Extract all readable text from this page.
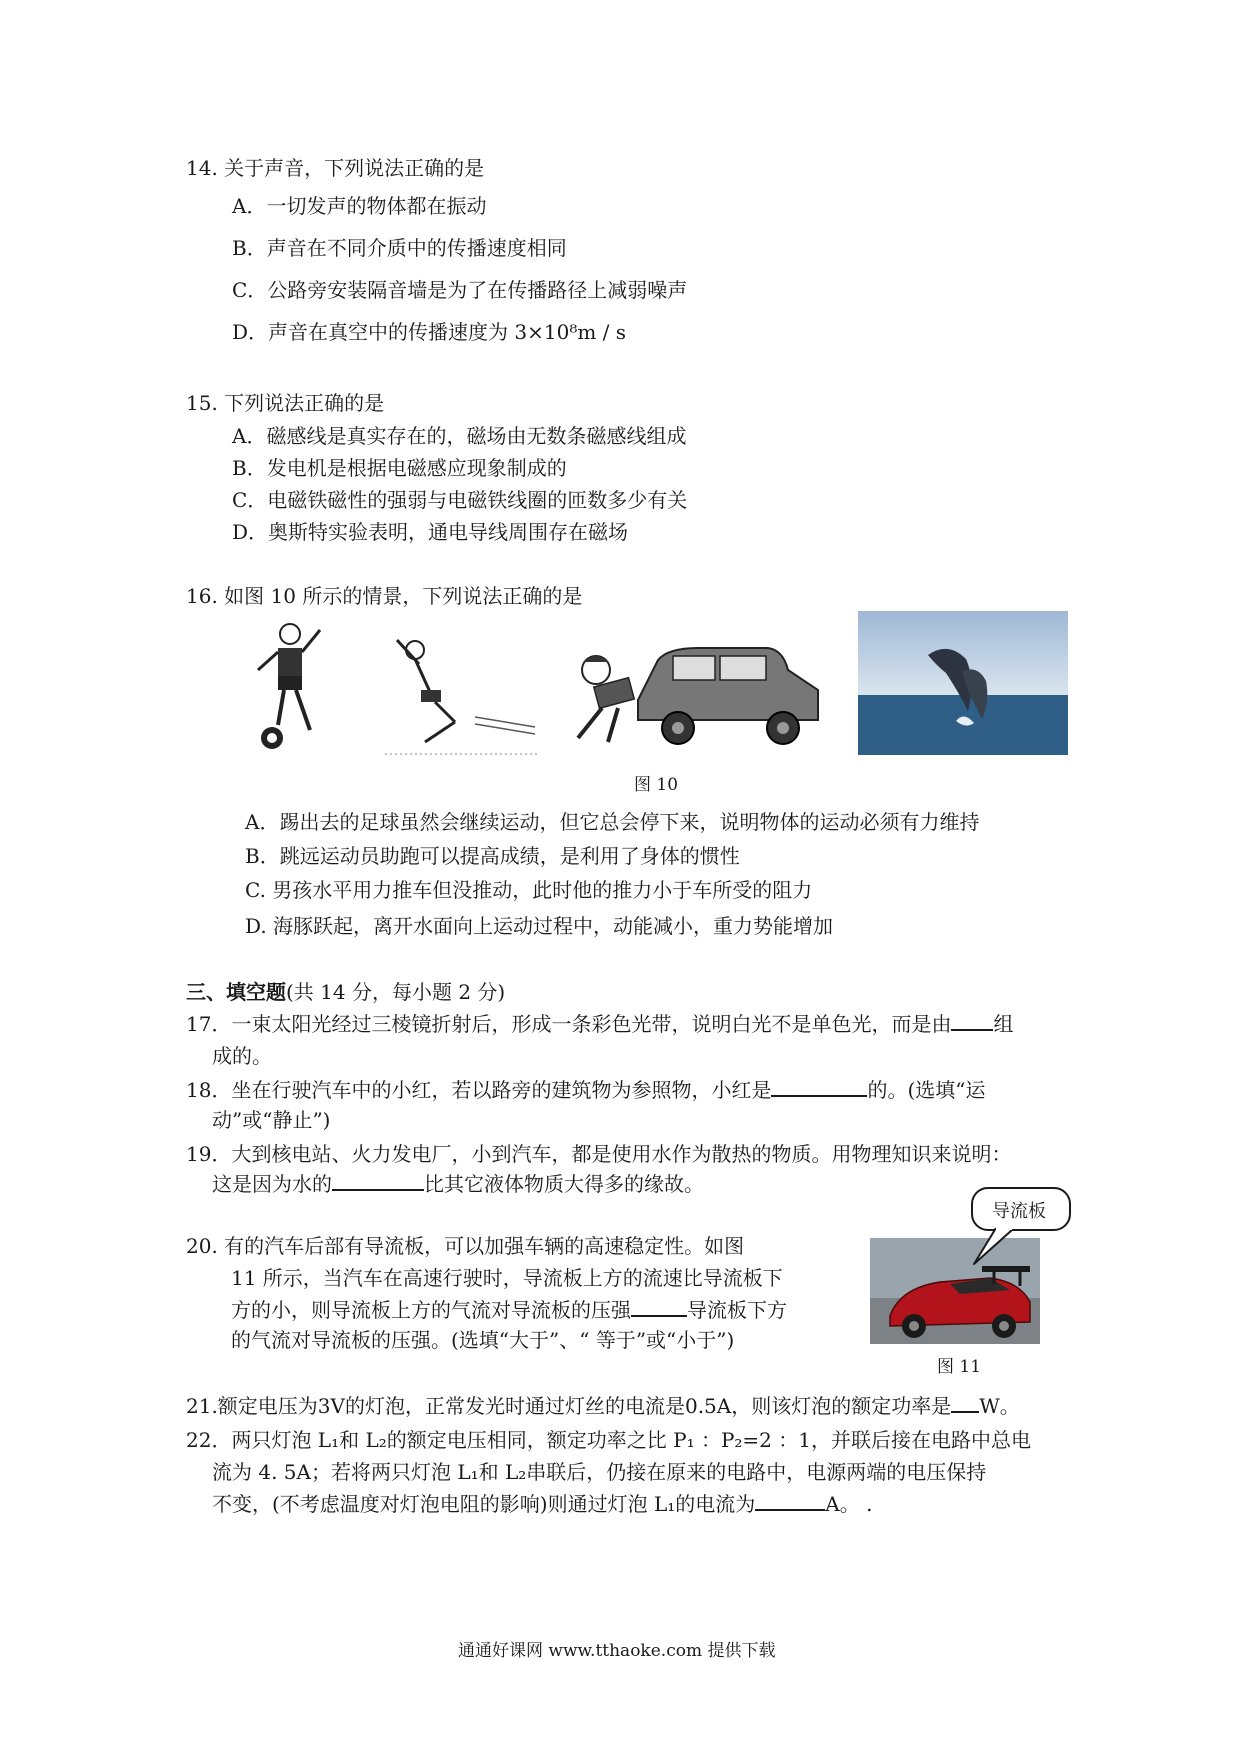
14. 关于声音，下列说法正确的是
A．一切发声的物体都在振动
B．声音在不同介质中的传播速度相同
C．公路旁安装隔音墙是为了在传播路径上减弱噪声
D．声音在真空中的传播速度为 3×10⁸m / s
15. 下列说法正确的是
A．磁感线是真实存在的，磁场由无数条磁感线组成
B．发电机是根据电磁感应现象制成的
C．电磁铁磁性的强弱与电磁铁线圈的匝数多少有关
D．奥斯特实验表明，通电导线周围存在磁场
16. 如图 10 所示的情景，下列说法正确的是
图 10
A．踢出去的足球虽然会继续运动，但它总会停下来，说明物体的运动必须有力维持
B．跳远运动员助跑可以提高成绩，是利用了身体的惯性
C. 男孩水平用力推车但没推动，此时他的推力小于车所受的阻力
D. 海豚跃起，离开水面向上运动过程中，动能减小，重力势能增加
三、填空题(共 14 分，每小题 2 分)
17．一束太阳光经过三棱镜折射后，形成一条彩色光带，说明白光不是单色光，而是由 组
成的。
18．坐在行驶汽车中的小红，若以路旁的建筑物为参照物，小红是	的。(选填“运
动”或“静止”)
19．大到核电站、火力发电厂，小到汽车，都是使用水作为散热的物质。用物理知识来说明：
这是因为水的	比其它液体物质大得多的缘故。
20. 有的汽车后部有导流板，可以加强车辆的高速稳定性。如图
11 所示，当汽车在高速行驶时，导流板上方的流速比导流板下
方的小，则导流板上方的气流对导流板的压强	导流板下方
的气流对导流板的压强。(选填“大于”、“ 等于”或“小于”)
导流板
图 11
21.额定电压为3V的灯泡，正常发光时通过灯丝的电流是0.5A，则该灯泡的额定功率是 W。
22．两只灯泡 L₁和 L₂的额定电压相同，额定功率之比 P₁ ：P₂=2 ：1，并联后接在电路中总电
流为 4. 5A；若将两只灯泡 L₁和 L₂串联后，仍接在原来的电路中，电源两端的电压保持
不变，(不考虑温度对灯泡电阻的影响)则通过灯泡 L₁的电流为	A。 .
通通好课网 www.tthaoke.com 提供下载
